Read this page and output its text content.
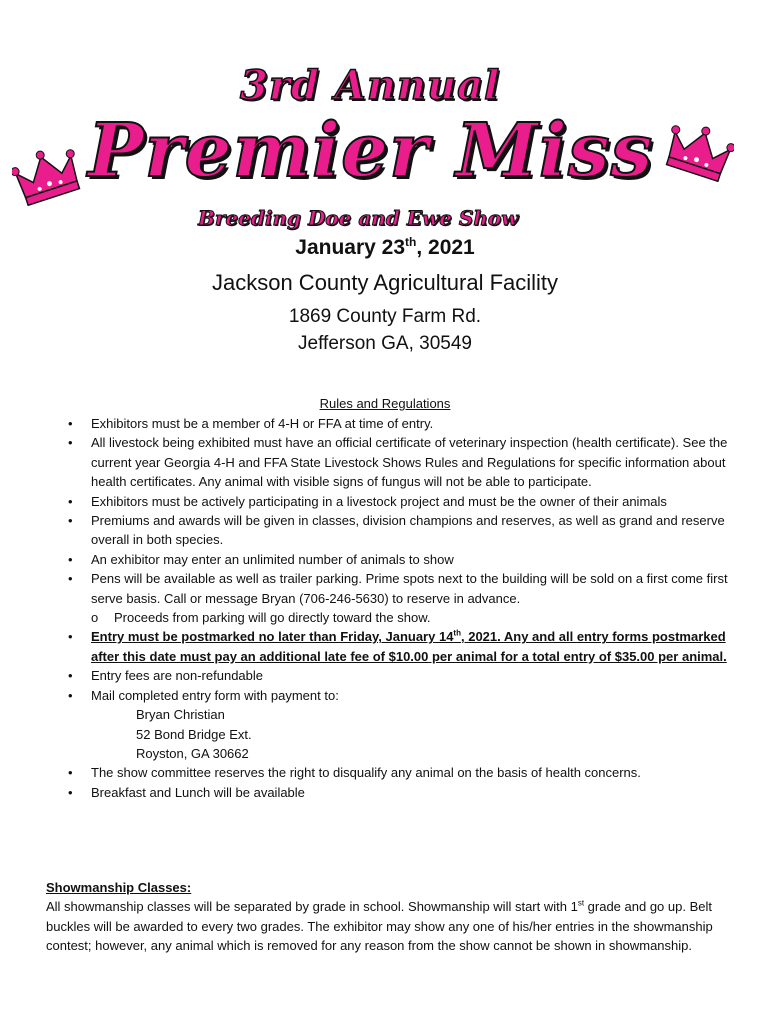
3rd Annual
Premier Miss
Breeding Doe and Ewe Show
January 23th, 2021
Jackson County Agricultural Facility
1869 County Farm Rd.
Jefferson GA, 30549
Rules and Regulations
• Exhibitors must be a member of 4-H or FFA at time of entry.
• All livestock being exhibited must have an official certificate of veterinary inspection (health certificate). See the current year Georgia 4-H and FFA State Livestock Shows Rules and Regulations for specific information about health certificates. Any animal with visible signs of fungus will not be able to participate.
• Exhibitors must be actively participating in a livestock project and must be the owner of their animals
• Premiums and awards will be given in classes, division champions and reserves, as well as grand and reserve overall in both species.
• An exhibitor may enter an unlimited number of animals to show
• Pens will be available as well as trailer parking. Prime spots next to the building will be sold on a first come first serve basis. Call or message Bryan (706-246-5630) to reserve in advance.
o Proceeds from parking will go directly toward the show.
• Entry must be postmarked no later than Friday, January 14th, 2021. Any and all entry forms postmarked after this date must pay an additional late fee of $10.00 per animal for a total entry of $35.00 per animal.
• Entry fees are non-refundable
• Mail completed entry form with payment to:
Bryan Christian
52 Bond Bridge Ext.
Royston, GA 30662
• The show committee reserves the right to disqualify any animal on the basis of health concerns.
• Breakfast and Lunch will be available
Showmanship Classes:
All showmanship classes will be separated by grade in school. Showmanship will start with 1st grade and go up. Belt buckles will be awarded to every two grades. The exhibitor may show any one of his/her entries in the showmanship contest; however, any animal which is removed for any reason from the show cannot be shown in showmanship.
